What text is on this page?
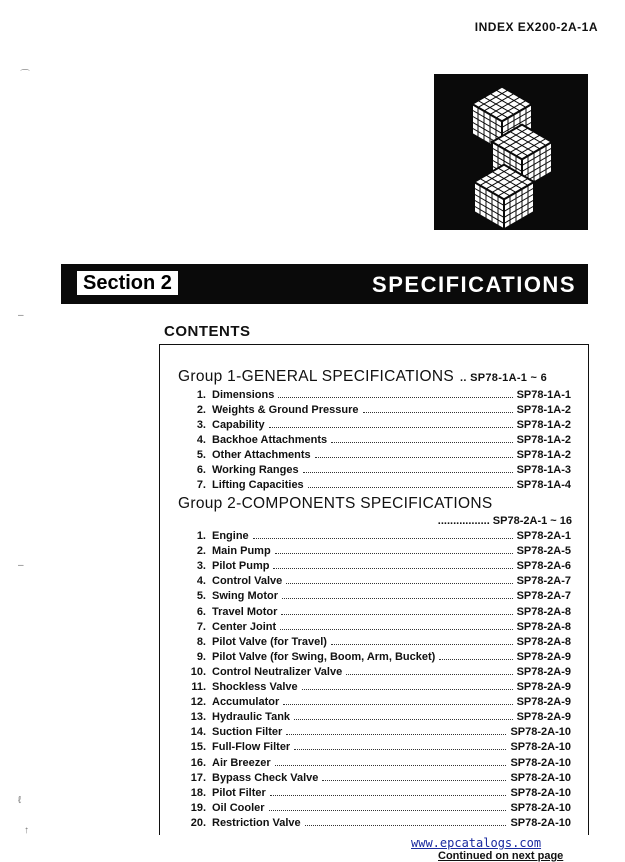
INDEX EX200-2A-1A
Section 2	SPECIFICATIONS
CONTENTS
Group 1-GENERAL SPECIFICATIONS .. SP78-1A-1 ~ 6
1. Dimensions	SP78-1A-1
2. Weights & Ground Pressure	SP78-1A-2
3. Capability	SP78-1A-2
4. Backhoe Attachments	SP78-1A-2
5. Other Attachments	SP78-1A-2
6. Working Ranges	SP78-1A-3
7. Lifting Capacities	SP78-1A-4
Group 2-COMPONENTS SPECIFICATIONS
................. SP78-2A-1 ~ 16
1. Engine	SP78-2A-1
2. Main Pump	SP78-2A-5
3. Pilot Pump	SP78-2A-6
4. Control Valve	SP78-2A-7
5. Swing Motor	SP78-2A-7
6. Travel Motor	SP78-2A-8
7. Center Joint	SP78-2A-8
8. Pilot Valve (for Travel)	SP78-2A-8
9. Pilot Valve (for Swing, Boom, Arm, Bucket)	SP78-2A-9
10. Control Neutralizer Valve	SP78-2A-9
11. Shockless Valve	SP78-2A-9
12. Accumulator	SP78-2A-9
13. Hydraulic Tank	SP78-2A-9
14. Suction Filter	SP78-2A-10
15. Full-Flow Filter	SP78-2A-10
16. Air Breezer	SP78-2A-10
17. Bypass Check Valve	SP78-2A-10
18. Pilot Filter	SP78-2A-10
19. Oil Cooler	SP78-2A-10
20. Restriction Valve	SP78-2A-10
www.epcatalogs.com
Continued on next page
⌒
–
–
ℓ
↑
